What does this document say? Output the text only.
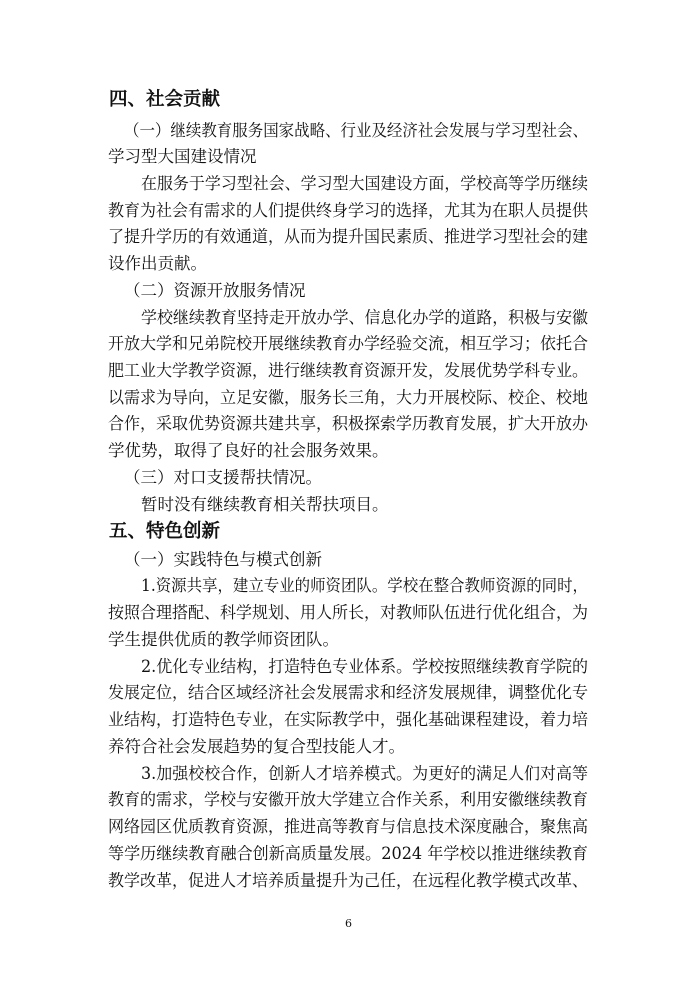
四、社会贡献
（一）继续教育服务国家战略、行业及经济社会发展与学习型社会、
学习型大国建设情况
在服务于学习型社会、学习型大国建设方面，学校高等学历继续
教育为社会有需求的人们提供终身学习的选择，尤其为在职人员提供
了提升学历的有效通道，从而为提升国民素质、推进学习型社会的建
设作出贡献。
（二）资源开放服务情况
学校继续教育坚持走开放办学、信息化办学的道路，积极与安徽
开放大学和兄弟院校开展继续教育办学经验交流，相互学习；依托合
肥工业大学教学资源，进行继续教育资源开发，发展优势学科专业。
以需求为导向，立足安徽，服务长三角，大力开展校际、校企、校地
合作，采取优势资源共建共享，积极探索学历教育发展，扩大开放办
学优势，取得了良好的社会服务效果。
（三）对口支援帮扶情况。
暂时没有继续教育相关帮扶项目。
五、特色创新
（一）实践特色与模式创新
1.资源共享，建立专业的师资团队。学校在整合教师资源的同时，
按照合理搭配、科学规划、用人所长，对教师队伍进行优化组合，为
学生提供优质的教学师资团队。
2.优化专业结构，打造特色专业体系。学校按照继续教育学院的
发展定位，结合区域经济社会发展需求和经济发展规律，调整优化专
业结构，打造特色专业，在实际教学中，强化基础课程建设，着力培
养符合社会发展趋势的复合型技能人才。
3.加强校校合作，创新人才培养模式。为更好的满足人们对高等
教育的需求，学校与安徽开放大学建立合作关系，利用安徽继续教育
网络园区优质教育资源，推进高等教育与信息技术深度融合，聚焦高
等学历继续教育融合创新高质量发展。2024 年学校以推进继续教育
教学改革，促进人才培养质量提升为己任，在远程化教学模式改革、
6
